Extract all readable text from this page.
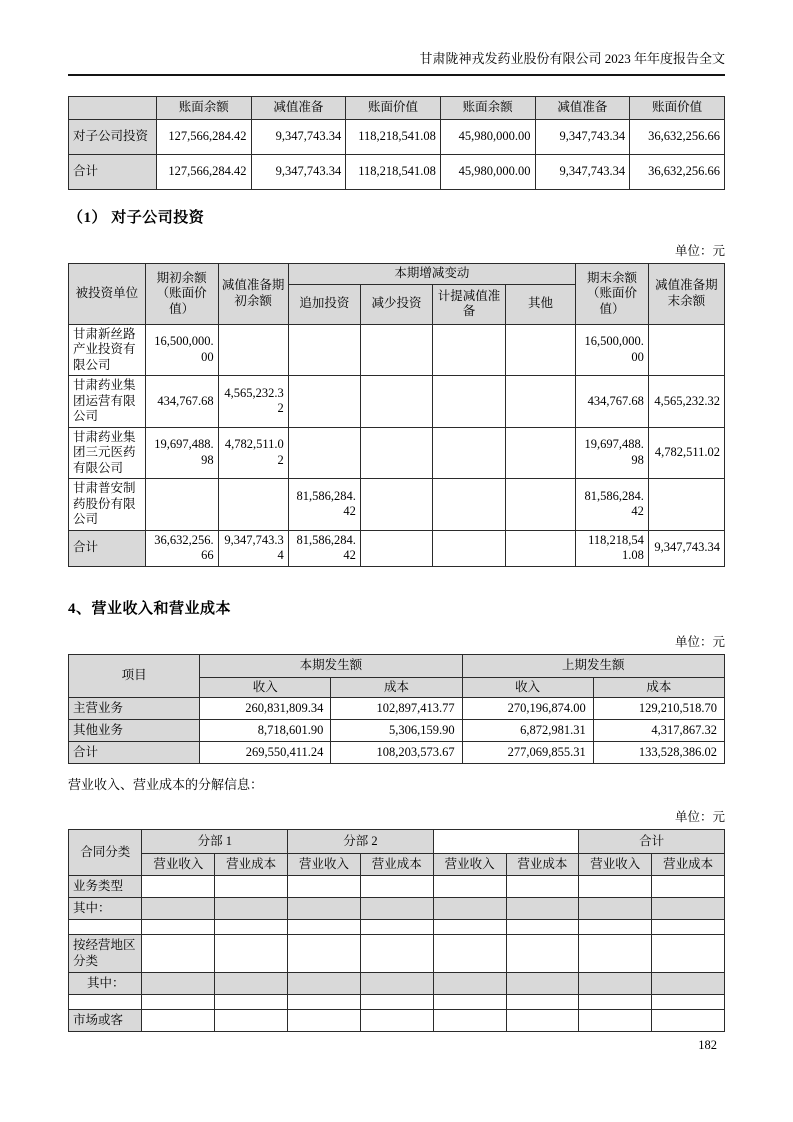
甘肃陇神戎发药业股份有限公司 2023 年年度报告全文
	账面余额	减值准备	账面价值	账面余额	减值准备	账面价值
对子公司投资	127,566,284.42	9,347,743.34	118,218,541.08	45,980,000.00	9,347,743.34	36,632,256.66
合计	127,566,284.42	9,347,743.34	118,218,541.08	45,980,000.00	9,347,743.34	36,632,256.66
（1） 对子公司投资
单位：元
被投资单位	期初余额（账面价值）	减值准备期初余额	本期增减变动				期末余额（账面价值）	减值准备期末余额
			追加投资	减少投资	计提减值准备	其他		
甘肃新丝路产业投资有限公司	16,500,000.00						16,500,000.00	
甘肃药业集团运营有限公司	434,767.68	4,565,232.32					434,767.68	4,565,232.32
甘肃药业集团三元医药有限公司	19,697,488.98	4,782,511.02					19,697,488.98	4,782,511.02
甘肃普安制药股份有限公司			81,586,284.42				81,586,284.42	
合计	36,632,256.66	9,347,743.34	81,586,284.42				118,218,541.08	9,347,743.34
4、营业收入和营业成本
单位：元
项目	本期发生额		上期发生额	
	收入	成本	收入	成本
主营业务	260,831,809.34	102,897,413.77	270,196,874.00	129,210,518.70
其他业务	8,718,601.90	5,306,159.90	6,872,981.31	4,317,867.32
合计	269,550,411.24	108,203,573.67	277,069,855.31	133,528,386.02

营业收入、营业成本的分解信息：

单位：元
合同分类	分部 1		分部 2				合计	
	营业收入	营业成本	营业收入	营业成本	营业收入	营业成本	营业收入	营业成本
业务类型								
其中：								

按经营地区分类								
其中：								

市场或客								
182
